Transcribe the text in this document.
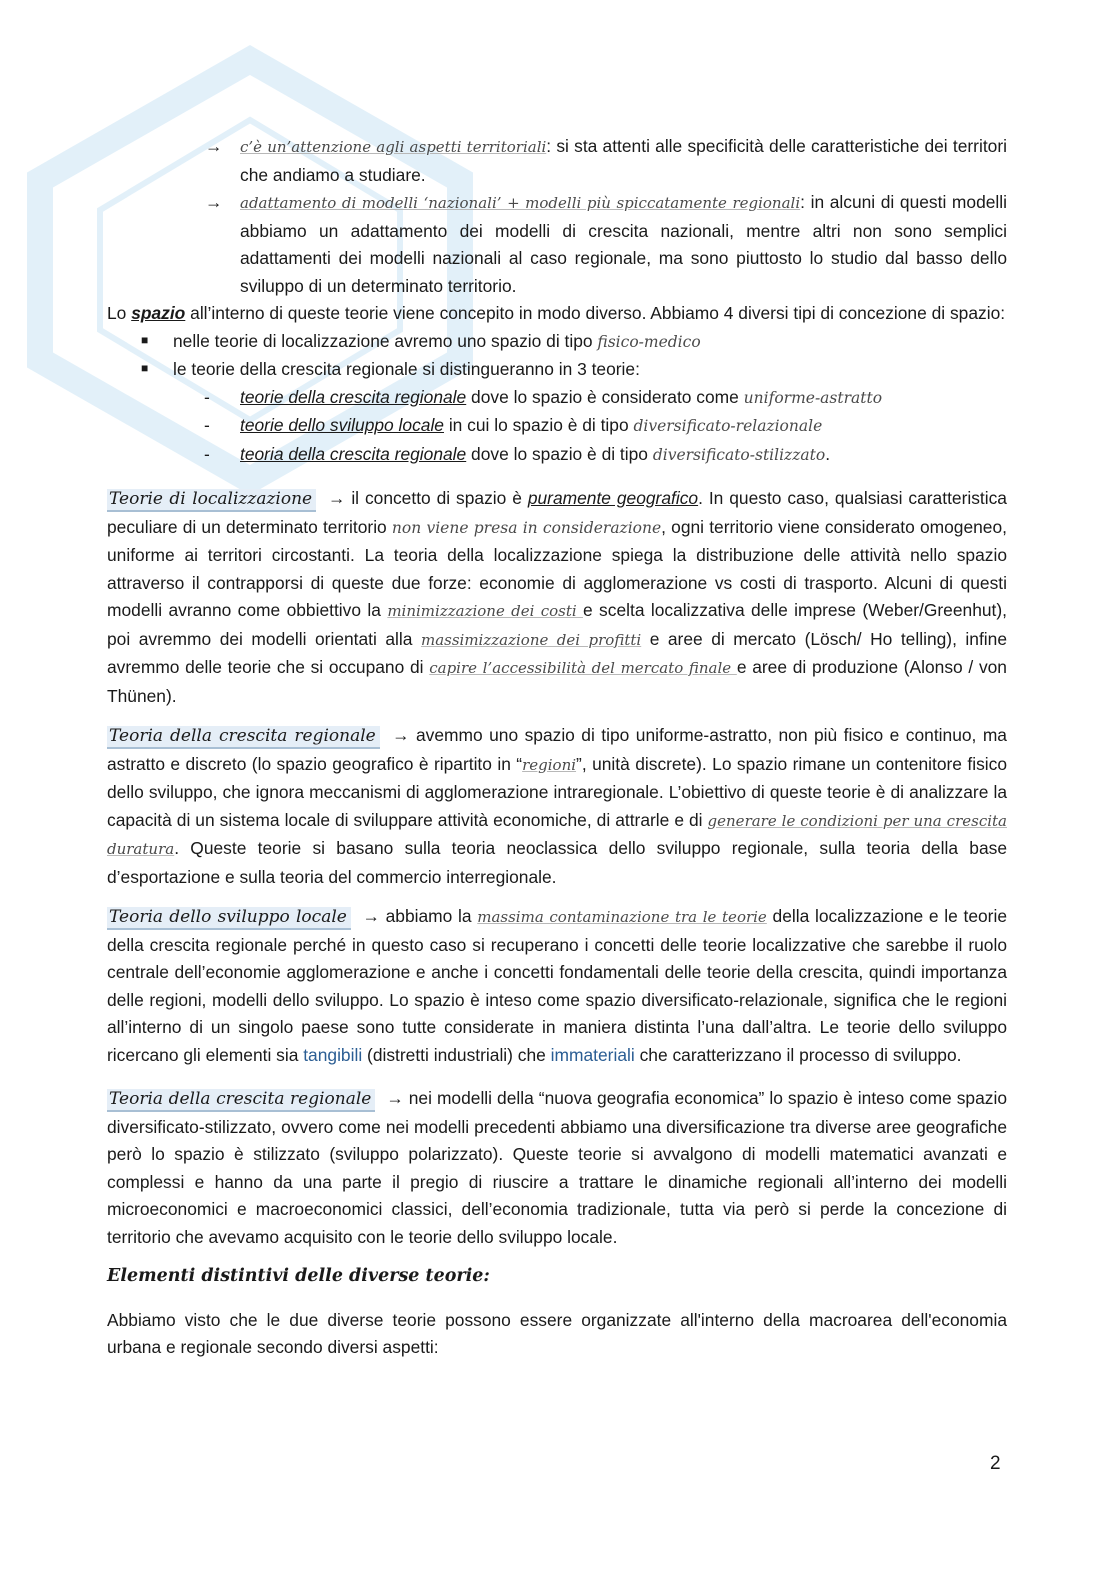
→ c’è un’attenzione agli aspetti territoriali: si sta attenti alle specificità delle caratteristiche dei territori che andiamo a studiare.

→ adattamento di modelli ‘nazionali’ + modelli più spiccatamente regionali: in alcuni di questi modelli abbiamo un adattamento dei modelli di crescita nazionali, mentre altri non sono semplici adattamenti dei modelli nazionali al caso regionale, ma sono piuttosto lo studio dal basso dello sviluppo di un determinato territorio.

Lo spazio all’interno di queste teorie viene concepito in modo diverso. Abbiamo 4 diversi tipi di concezione di spazio:

■ nelle teorie di localizzazione avremo uno spazio di tipo fisico-medico

■ le teorie della crescita regionale si distingueranno in 3 teorie:

- teorie della crescita regionale dove lo spazio è considerato come uniforme-astratto

- teorie dello sviluppo locale in cui lo spazio è di tipo diversificato-relazionale

- teoria della crescita regionale dove lo spazio è di tipo diversificato-stilizzato.

Teorie di localizzazione → il concetto di spazio è puramente geografico. In questo caso, qualsiasi caratteristica peculiare di un determinato territorio non viene presa in considerazione, ogni territorio viene considerato omogeneo, uniforme ai territori circostanti. La teoria della localizzazione spiega la distribuzione delle attività nello spazio attraverso il contrapporsi di queste due forze: economie di agglomerazione vs costi di trasporto. Alcuni di questi modelli avranno come obbiettivo la minimizzazione dei costi e scelta localizzativa delle imprese (Weber/Greenhut), poi avremmo dei modelli orientati alla massimizzazione dei profitti e aree di mercato (Lösch/ Ho telling), infine avremmo delle teorie che si occupano di capire l’accessibilità del mercato finale e aree di produzione (Alonso / von Thünen).

Teoria della crescita regionale → avemmo uno spazio di tipo uniforme-astratto, non più fisico e continuo, ma astratto e discreto (lo spazio geografico è ripartito in “regioni”, unità discrete). Lo spazio rimane un contenitore fisico dello sviluppo, che ignora meccanismi di agglomerazione intraregionale. L’obiettivo di queste teorie è di analizzare la capacità di un sistema locale di sviluppare attività economiche, di attrarle e di generare le condizioni per una crescita duratura. Queste teorie si basano sulla teoria neoclassica dello sviluppo regionale, sulla teoria della base d’esportazione e sulla teoria del commercio interregionale.

Teoria dello sviluppo locale → abbiamo la massima contaminazione tra le teorie della localizzazione e le teorie della crescita regionale perché in questo caso si recuperano i concetti delle teorie localizzative che sarebbe il ruolo centrale dell’economie agglomerazione e anche i concetti fondamentali delle teorie della crescita, quindi importanza delle regioni, modelli dello sviluppo. Lo spazio è inteso come spazio diversificato-relazionale, significa che le regioni all’interno di un singolo paese sono tutte considerate in maniera distinta l’una dall’altra. Le teorie dello sviluppo ricercano gli elementi sia tangibili (distretti industriali) che immateriali che caratterizzano il processo di sviluppo.

Teoria della crescita regionale → nei modelli della “nuova geografia economica” lo spazio è inteso come spazio diversificato-stilizzato, ovvero come nei modelli precedenti abbiamo una diversificazione tra diverse aree geografiche però lo spazio è stilizzato (sviluppo polarizzato). Queste teorie si avvalgono di modelli matematici avanzati e complessi e hanno da una parte il pregio di riuscire a trattare le dinamiche regionali all’interno dei modelli microeconomici e macroeconomici classici, dell’economia tradizionale, tutta via però si perde la concezione di territorio che avevamo acquisito con le teorie dello sviluppo locale.

Elementi distintivi delle diverse teorie:

Abbiamo visto che le due diverse teorie possono essere organizzate all'interno della macroarea dell'economia urbana e regionale secondo diversi aspetti:

2
